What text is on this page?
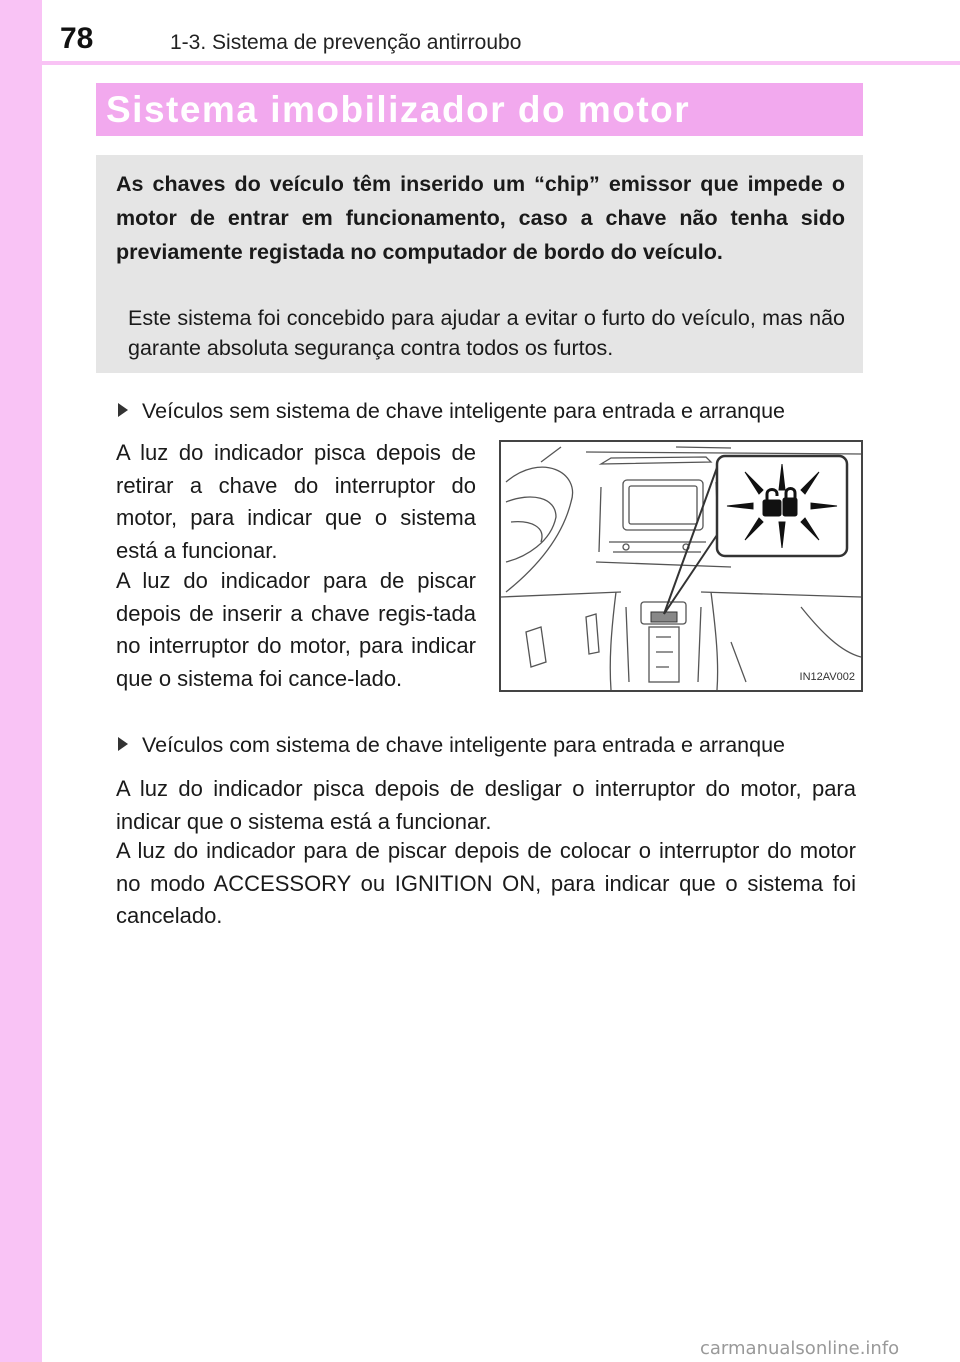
78	1-3. Sistema de prevenção antirroubo
Sistema imobilizador do motor
As chaves do veículo têm inserido um “chip” emissor que impede o motor de entrar em funcionamento, caso a chave não tenha sido previamente registada no computador de bordo do veículo.
Este sistema foi concebido para ajudar a evitar o furto do veículo, mas não garante absoluta segurança contra todos os furtos.
Veículos sem sistema de chave inteligente para entrada e arranque
A luz do indicador pisca depois de retirar a chave do interruptor do motor, para indicar que o sistema está a funcionar.
A luz do indicador para de piscar depois de inserir a chave regis-tada no interruptor do motor, para indicar que o sistema foi cance-lado.	IN12AV002
Veículos com sistema de chave inteligente para entrada e arranque
A luz do indicador pisca depois de desligar o interruptor do motor, para indicar que o sistema está a funcionar.
A luz do indicador para de piscar depois de colocar o interruptor do motor no modo ACCESSORY ou IGNITION ON, para indicar que o sistema foi cancelado.
carmanualsonline.info
